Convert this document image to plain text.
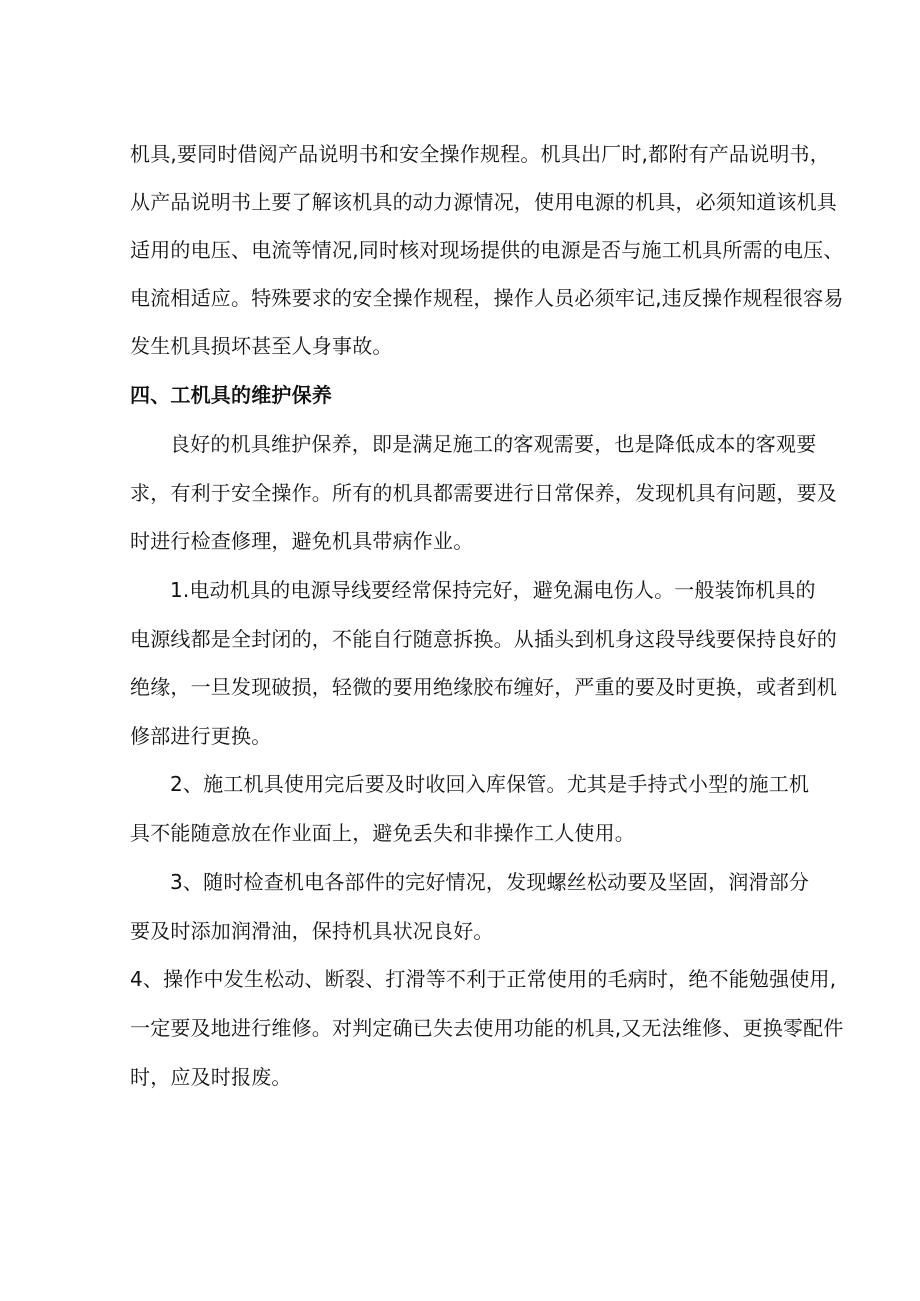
机具,要同时借阅产品说明书和安全操作规程。机具出厂时,都附有产品说明书，
从产品说明书上要了解该机具的动力源情况，使用电源的机具，必须知道该机具
适用的电压、电流等情况,同时核对现场提供的电源是否与施工机具所需的电压、
电流相适应。特殊要求的安全操作规程，操作人员必须牢记,违反操作规程很容易
发生机具损坏甚至人身事故。
四、工机具的维护保养
良好的机具维护保养，即是满足施工的客观需要，也是降低成本的客观要
求，有利于安全操作。所有的机具都需要进行日常保养，发现机具有问题，要及
时进行检查修理，避免机具带病作业。
1.电动机具的电源导线要经常保持完好，避免漏电伤人。一般装饰机具的
电源线都是全封闭的，不能自行随意拆换。从插头到机身这段导线要保持良好的
绝缘，一旦发现破损，轻微的要用绝缘胶布缠好，严重的要及时更换，或者到机
修部进行更换。
2、施工机具使用完后要及时收回入库保管。尤其是手持式小型的施工机
具不能随意放在作业面上，避免丢失和非操作工人使用。
3、随时检查机电各部件的完好情况，发现螺丝松动要及坚固，润滑部分
要及时添加润滑油，保持机具状况良好。
4、操作中发生松动、断裂、打滑等不利于正常使用的毛病时，绝不能勉强使用,
一定要及地进行维修。对判定确已失去使用功能的机具,又无法维修、更换零配件
时，应及时报废。
